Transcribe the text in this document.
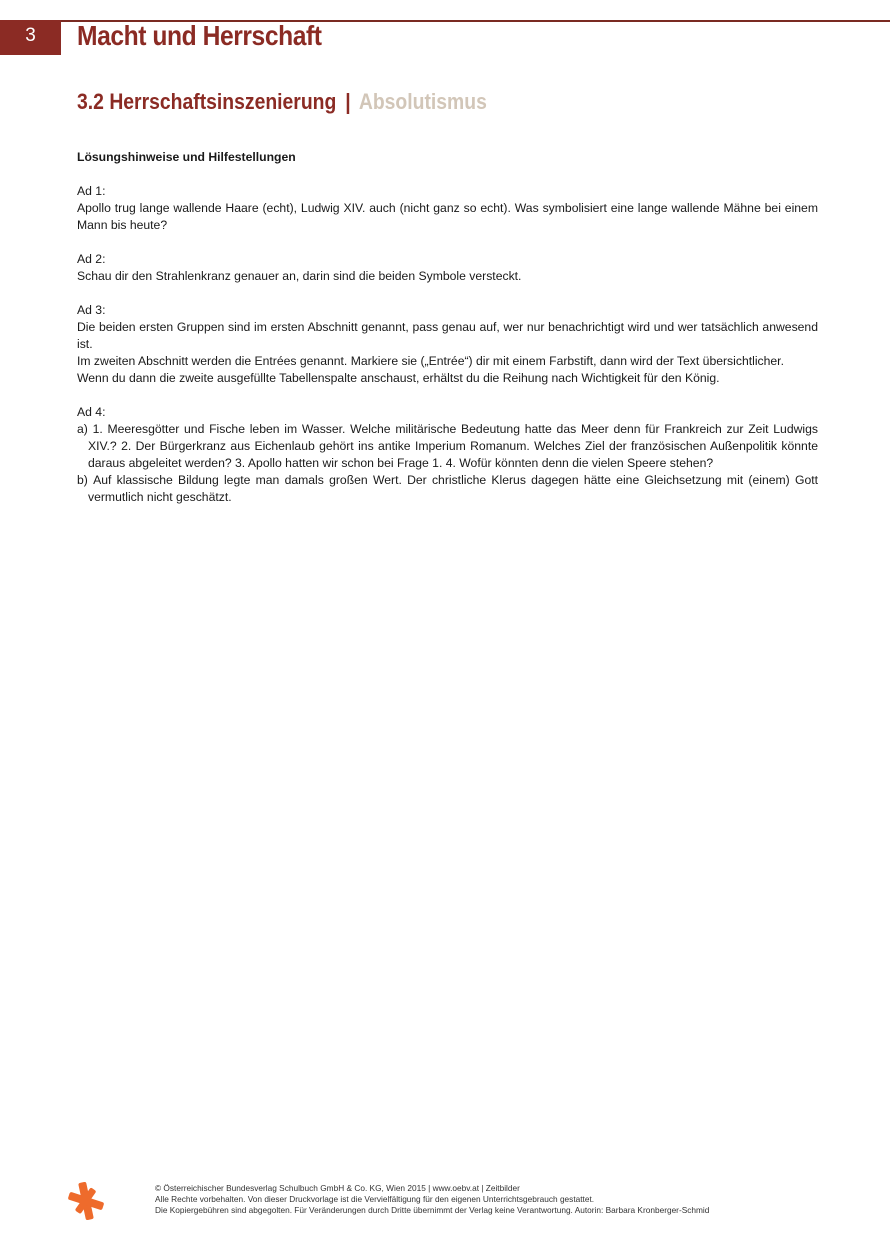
3	Macht und Herrschaft
3.2 Herrschaftsinszenierung | Absolutismus

Lösungshinweise und Hilfestellungen

Ad 1:

Apollo trug lange wallende Haare (echt), Ludwig XIV. auch (nicht ganz so echt). Was symbolisiert eine lange wallende Mähne bei einem Mann bis heute?

Ad 2:

Schau dir den Strahlenkranz genauer an, darin sind die beiden Symbole versteckt.

Ad 3:

Die beiden ersten Gruppen sind im ersten Abschnitt genannt, pass genau auf, wer nur benachrichtigt wird und wer tatsächlich anwesend ist.

Im zweiten Abschnitt werden die Entrées genannt. Markiere sie („Entrée“) dir mit einem Farbstift, dann wird der Text übersichtlicher.

Wenn du dann die zweite ausgefüllte Tabellenspalte anschaust, erhältst du die Reihung nach Wichtigkeit für den König.

Ad 4:

a) 1. Meeresgötter und Fische leben im Wasser. Welche militärische Bedeutung hatte das Meer denn für Frankreich zur Zeit Ludwigs XIV.? 2. Der Bürgerkranz aus Eichenlaub gehört ins antike Imperium Romanum. Welches Ziel der französischen Außenpolitik könnte daraus abgeleitet werden? 3. Apollo hatten wir schon bei Frage 1. 4. Wofür könnten denn die vielen Speere stehen?
b) Auf klassische Bildung legte man damals großen Wert. Der christliche Klerus dagegen hätte eine Gleichsetzung mit (einem) Gott vermutlich nicht geschätzt.

© Österreichischer Bundesverlag Schulbuch GmbH & Co. KG, Wien 2015 | www.oebv.at | Zeitbilder

Alle Rechte vorbehalten. Von dieser Druckvorlage ist die Vervielfältigung für den eigenen Unterrichtsgebrauch gestattet.

Die Kopiergebühren sind abgegolten. Für Veränderungen durch Dritte übernimmt der Verlag keine Verantwortung. Autorin: Barbara Kronberger-Schmid
